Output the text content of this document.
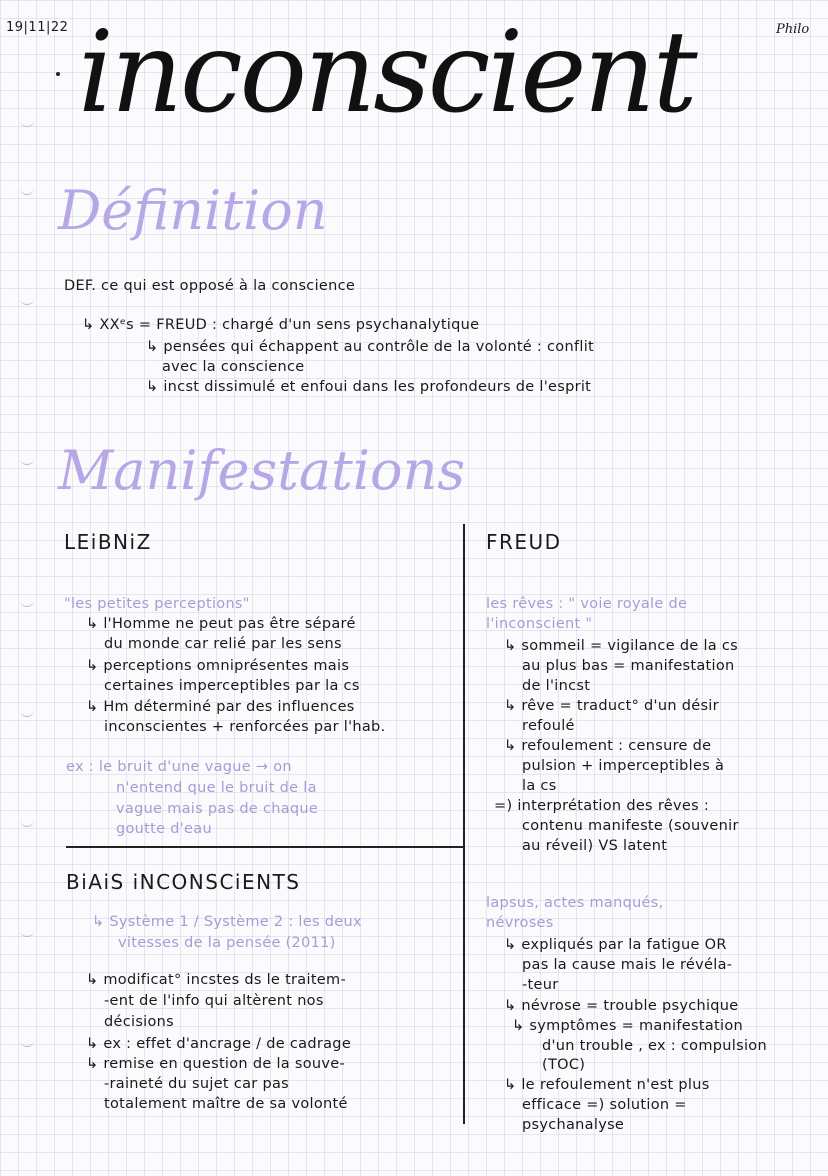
19|11|22	Philo
inconscient
Définition
DEF. ce qui est opposé à la conscience
↳ XXᵉs = FREUD : chargé d'un sens psychanalytique
↳ pensées qui échappent au contrôle de la volonté : conflit
avec la conscience
↳ incst dissimulé et enfoui dans les profondeurs de l'esprit
Manifestations
LEiBNiZ
"les petites perceptions"
↳ l'Homme ne peut pas être séparé
du monde car relié par les sens
↳ perceptions omniprésentes mais
certaines imperceptibles par la cs
↳ Hm déterminé par des influences
inconscientes + renforcées par l'hab.
ex : le bruit d'une vague → on
n'entend que le bruit de la
vague mais pas de chaque
goutte d'eau
BiAiS iNCONSCiENTS
↳ Système 1 / Système 2 : les deux
vitesses de la pensée (2011)
↳ modificat° incstes ds le traitem-
-ent de l'info qui altèrent nos
décisions
↳ ex : effet d'ancrage / de cadrage
↳ remise en question de la souve-
-raineté du sujet car pas
totalement maître de sa volonté
FREUD
les rêves : " voie royale de
l'inconscient "
↳ sommeil = vigilance de la cs
au plus bas = manifestation
de l'incst
↳ rêve = traduct° d'un désir
refoulé
↳ refoulement : censure de
pulsion + imperceptibles à
la cs
=) interprétation des rêves :
contenu manifeste (souvenir
au réveil) VS latent
lapsus, actes manqués,
névroses
↳ expliqués par la fatigue OR
pas la cause mais le révéla-
-teur
↳ névrose = trouble psychique
↳ symptômes = manifestation
d'un trouble , ex : compulsion
(TOC)
↳ le refoulement n'est plus
efficace =) solution =
psychanalyse
